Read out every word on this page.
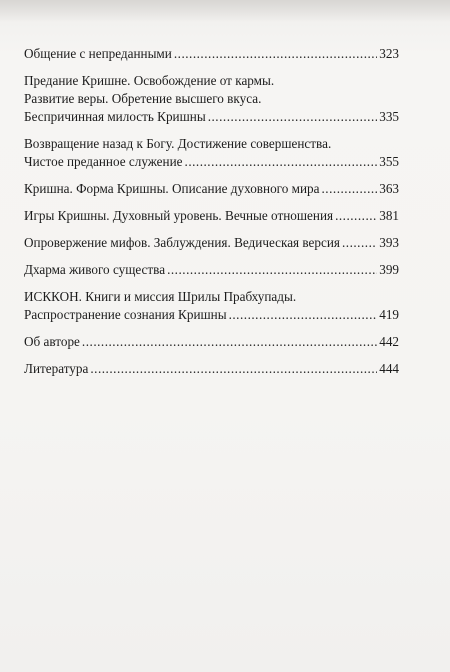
Общение с непреданными .....	323
Предание Кришне. Освобождение от кармы.
Развитие веры. Обретение высшего вкуса.
Беспричинная милость Кришны .....	335
Возвращение назад к Богу. Достижение совершенства.
Чистое преданное служение .....	355
Кришна. Форма Кришны. Описание духовного мира .....	363
Игры Кришны. Духовный уровень. Вечные отношения .....	381
Опровержение мифов. Заблуждения. Ведическая версия .....	393
Дхарма живого существа .....	399
ИСККОН. Книги и миссия Шрилы Прабхупады.
Распространение сознания Кришны .....	419
Об авторе .....	442
Литература .....	444
